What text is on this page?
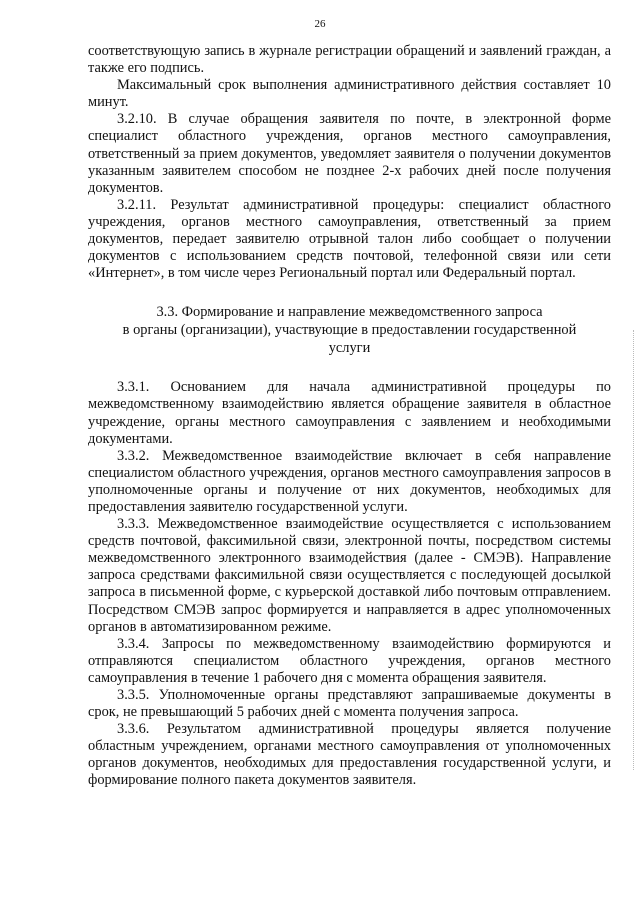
26

соответствующую запись в журнале регистрации обращений и заявлений граждан, а также его подпись.

Максимальный срок выполнения административного действия составляет 10 минут.

3.2.10. В случае обращения заявителя по почте, в электронной форме специалист областного учреждения, органов местного самоуправления, ответственный за прием документов, уведомляет заявителя о получении документов указанным заявителем способом не позднее 2-х рабочих дней после получения документов.

3.2.11. Результат административной процедуры: специалист областного учреждения, органов местного самоуправления, ответственный за прием документов, передает заявителю отрывной талон либо сообщает о получении документов с использованием средств почтовой, телефонной связи или сети «Интернет», в том числе через Региональный портал или Федеральный портал.

3.3. Формирование и направление межведомственного запроса
в органы (организации), участвующие в предоставлении государственной
услуги

3.3.1. Основанием для начала административной процедуры по межведомственному взаимодействию является обращение заявителя в областное учреждение, органы местного самоуправления с заявлением и необходимыми документами.

3.3.2. Межведомственное взаимодействие включает в себя направление специалистом областного учреждения, органов местного самоуправления запросов в уполномоченные органы и получение от них документов, необходимых для предоставления заявителю государственной услуги.

3.3.3. Межведомственное взаимодействие осуществляется с использованием средств почтовой, факсимильной связи, электронной почты, посредством системы межведомственного электронного взаимодействия (далее - СМЭВ). Направление запроса средствами факсимильной связи осуществляется с последующей досылкой запроса в письменной форме, с курьерской доставкой либо почтовым отправлением. Посредством СМЭВ запрос формируется и направляется в адрес уполномоченных органов в автоматизированном режиме.

3.3.4. Запросы по межведомственному взаимодействию формируются и отправляются специалистом областного учреждения, органов местного самоуправления в течение 1 рабочего дня с момента обращения заявителя.

3.3.5. Уполномоченные органы представляют запрашиваемые документы в срок, не превышающий 5 рабочих дней с момента получения запроса.

3.3.6. Результатом административной процедуры является получение областным учреждением, органами местного самоуправления от уполномоченных органов документов, необходимых для предоставления государственной услуги, и формирование полного пакета документов заявителя.
